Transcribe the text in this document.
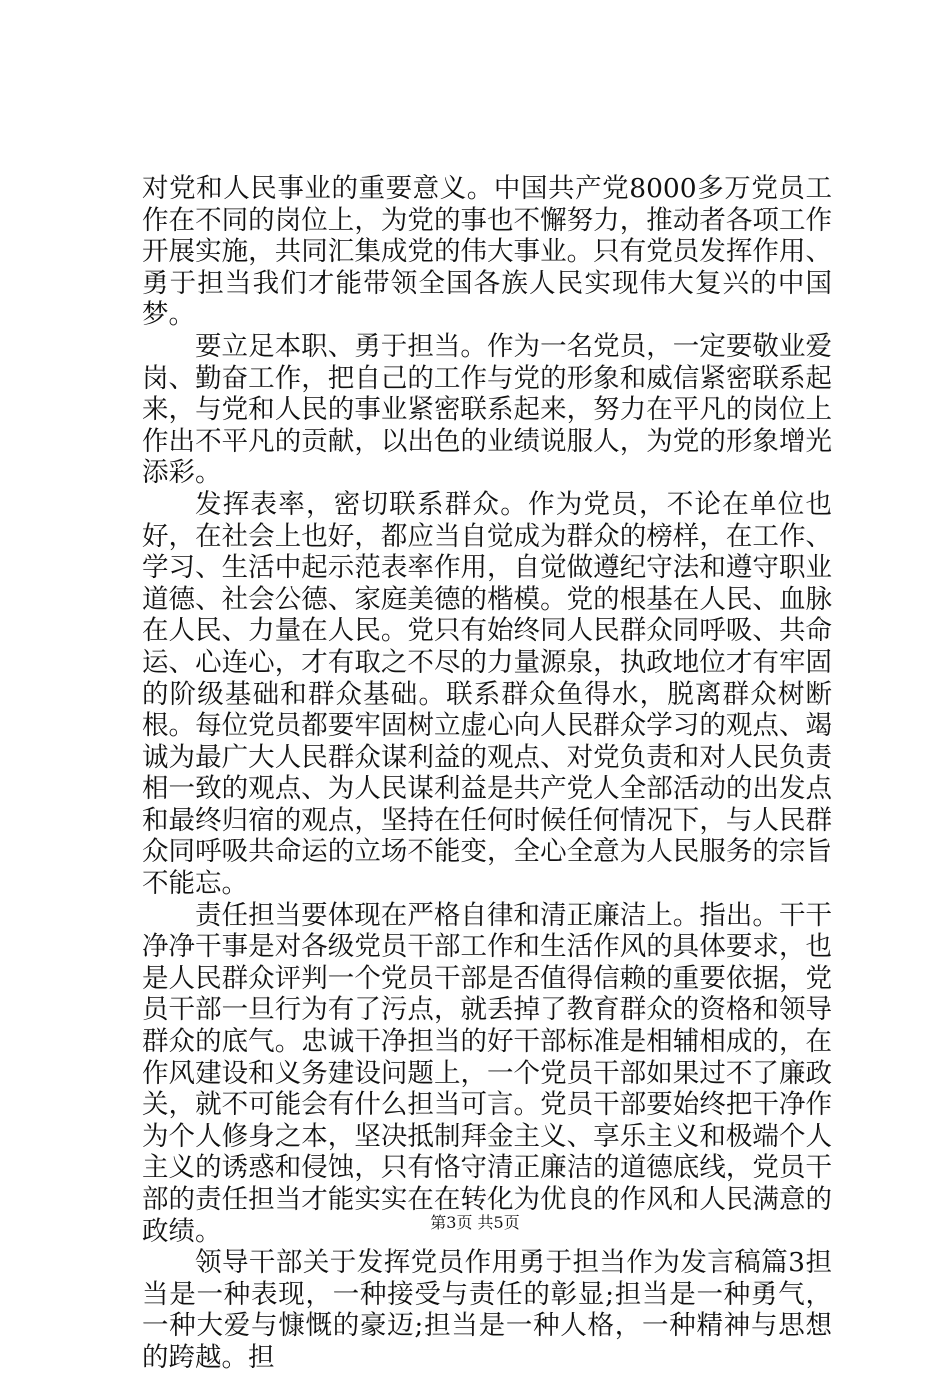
对党和人民事业的重要意义。中国共产党8000多万党员工作在不同的岗位上，为党的事也不懈努力，推动者各项工作开展实施，共同汇集成党的伟大事业。只有党员发挥作用、勇于担当我们才能带领全国各族人民实现伟大复兴的中国梦。

要立足本职、勇于担当。作为一名党员，一定要敬业爱岗、勤奋工作，把自己的工作与党的形象和威信紧密联系起来，与党和人民的事业紧密联系起来，努力在平凡的岗位上作出不平凡的贡献，以出色的业绩说服人，为党的形象增光添彩。

发挥表率，密切联系群众。作为党员，不论在单位也好，在社会上也好，都应当自觉成为群众的榜样，在工作、学习、生活中起示范表率作用，自觉做遵纪守法和遵守职业道德、社会公德、家庭美德的楷模。党的根基在人民、血脉在人民、力量在人民。党只有始终同人民群众同呼吸、共命运、心连心，才有取之不尽的力量源泉，执政地位才有牢固的阶级基础和群众基础。联系群众鱼得水，脱离群众树断根。每位党员都要牢固树立虚心向人民群众学习的观点、竭诚为最广大人民群众谋利益的观点、对党负责和对人民负责相一致的观点、为人民谋利益是共产党人全部活动的出发点和最终归宿的观点，坚持在任何时候任何情况下，与人民群众同呼吸共命运的立场不能变，全心全意为人民服务的宗旨不能忘。

责任担当要体现在严格自律和清正廉洁上。指出。干干净净干事是对各级党员干部工作和生活作风的具体要求，也是人民群众评判一个党员干部是否值得信赖的重要依据，党员干部一旦行为有了污点，就丢掉了教育群众的资格和领导群众的底气。忠诚干净担当的好干部标准是相辅相成的，在作风建设和义务建设问题上，一个党员干部如果过不了廉政关，就不可能会有什么担当可言。党员干部要始终把干净作为个人修身之本，坚决抵制拜金主义、享乐主义和极端个人主义的诱惑和侵蚀，只有恪守清正廉洁的道德底线，党员干部的责任担当才能实实在在转化为优良的作风和人民满意的政绩。

领导干部关于发挥党员作用勇于担当作为发言稿篇3担当是一种表现，一种接受与责任的彰显;担当是一种勇气，一种大爱与慷慨的豪迈;担当是一种人格，一种精神与思想的跨越。担

第3页 共5页
